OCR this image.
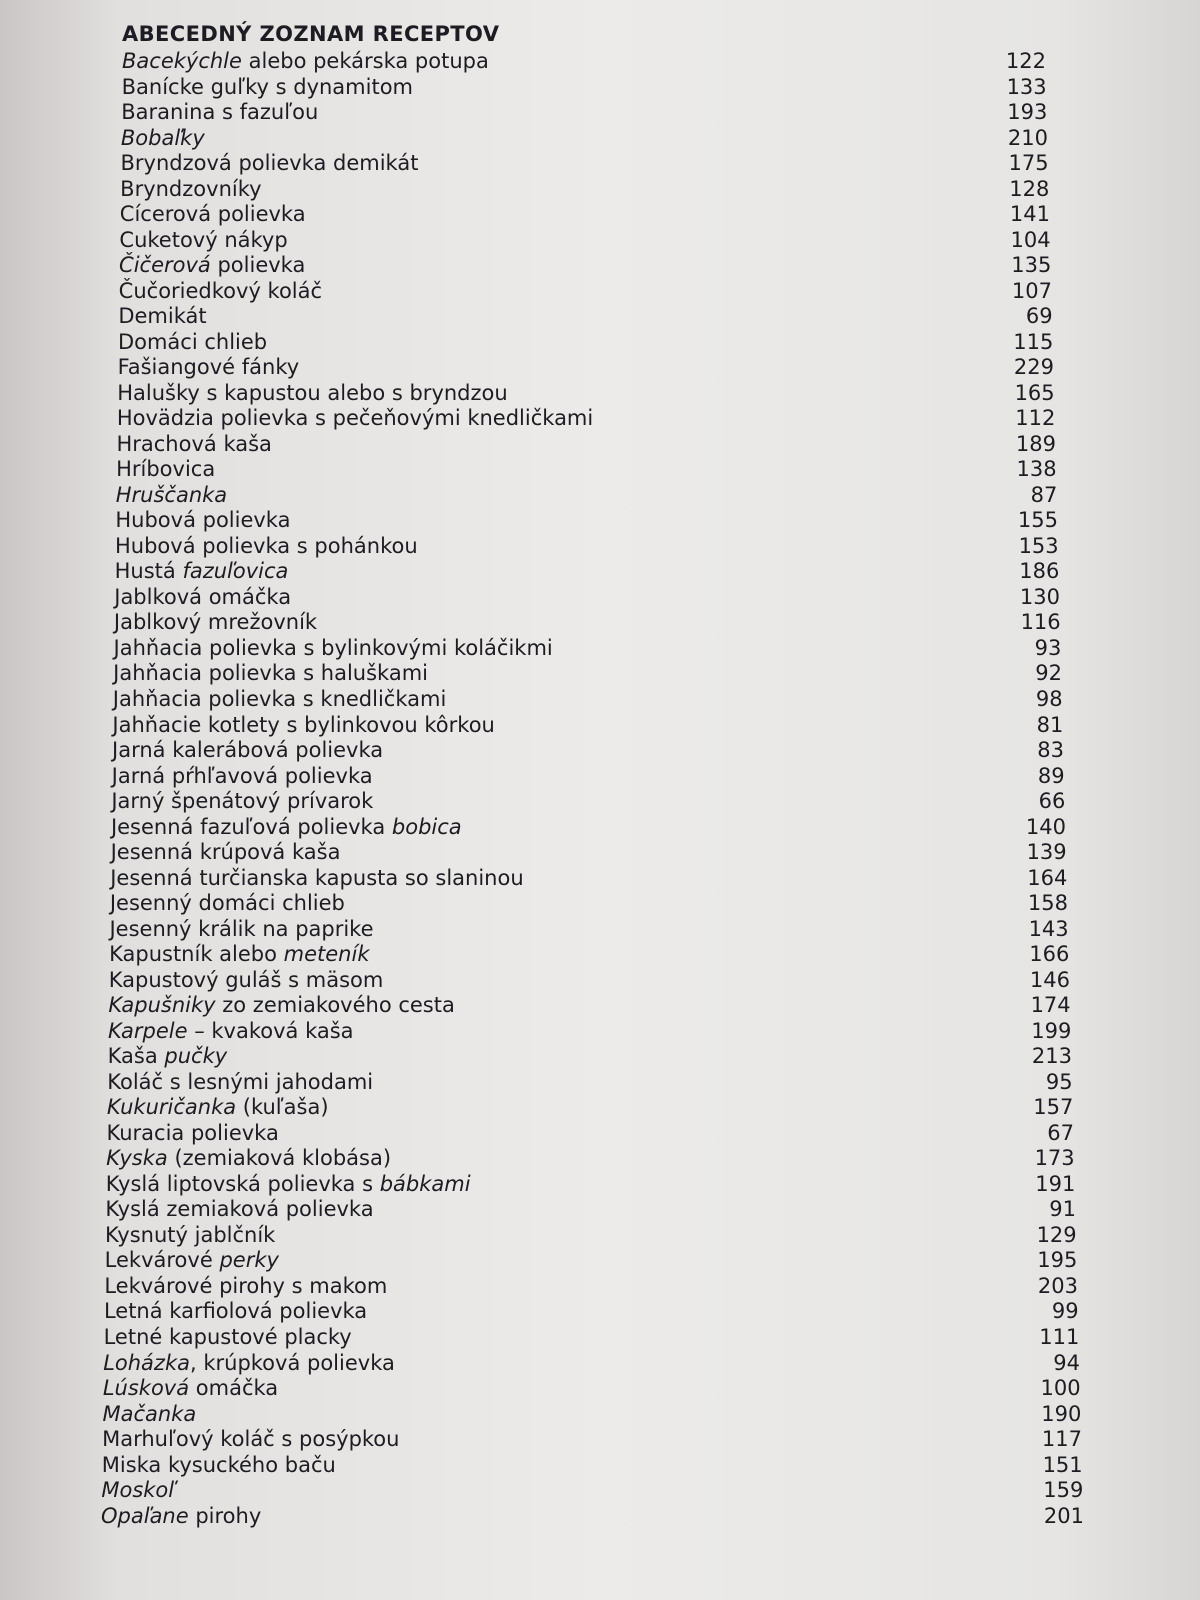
ABECEDNÝ ZOZNAM RECEPTOV
Bacekýchle alebo pekárska potupa	122
Banícke guľky s dynamitom	133
Baranina s fazuľou	193
Bobaľky	210
Bryndzová polievka demikát	175
Bryndzovníky	128
Cícerová polievka	141
Cuketový nákyp	104
Čičerová polievka	135
Čučoriedkový koláč	107
Demikát	69
Domáci chlieb	115
Fašiangové fánky	229
Halušky s kapustou alebo s bryndzou	165
Hovädzia polievka s pečeňovými knedličkami	112
Hrachová kaša	189
Hríbovica	138
Hruščanka	87
Hubová polievka	155
Hubová polievka s pohánkou	153
Hustá fazuľovica	186
Jablková omáčka	130
Jablkový mrežovník	116
Jahňacia polievka s bylinkovými koláčikmi	93
Jahňacia polievka s haluškami	92
Jahňacia polievka s knedličkami	98
Jahňacie kotlety s bylinkovou kôrkou	81
Jarná kalerábová polievka	83
Jarná pŕhľavová polievka	89
Jarný špenátový prívarok	66
Jesenná fazuľová polievka bobica	140
Jesenná krúpová kaša	139
Jesenná turčianska kapusta so slaninou	164
Jesenný domáci chlieb	158
Jesenný králik na paprike	143
Kapustník alebo meteník	166
Kapustový guláš s mäsom	146
Kapušniky zo zemiakového cesta	174
Karpele – kvaková kaša	199
Kaša pučky	213
Koláč s lesnými jahodami	95
Kukuričanka (kuľaša)	157
Kuracia polievka	67
Kyska (zemiaková klobása)	173
Kyslá liptovská polievka s bábkami	191
Kyslá zemiaková polievka	91
Kysnutý jablčník	129
Lekvárové perky	195
Lekvárové pirohy s makom	203
Letná karfiolová polievka	99
Letné kapustové placky	111
Loházka, krúpková polievka	94
Lúsková omáčka	100
Mačanka	190
Marhuľový koláč s posýpkou	117
Miska kysuckého baču	151
Moskoľ	159
Opaľane pirohy	201
